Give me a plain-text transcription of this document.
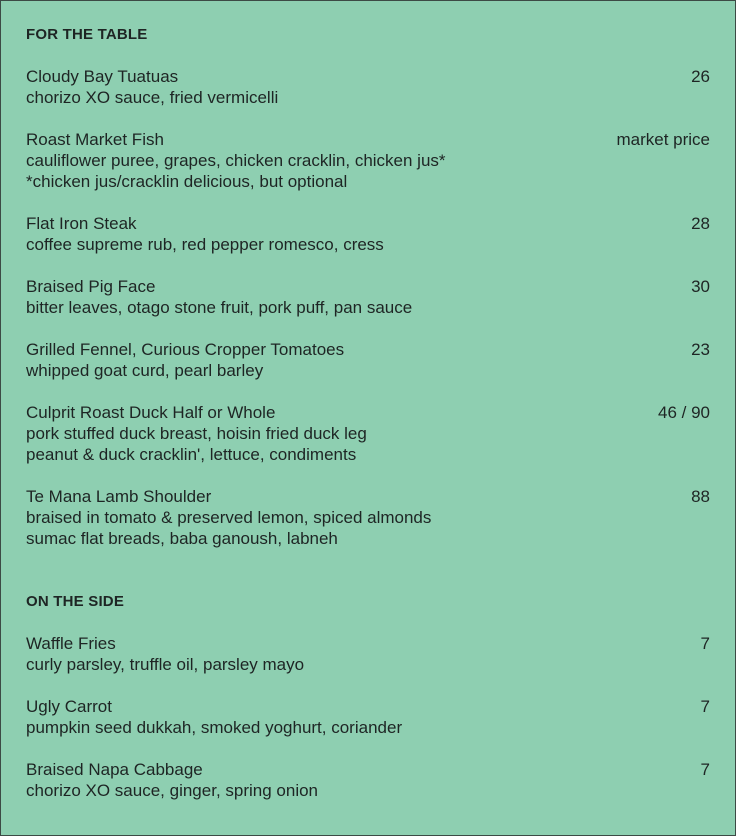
FOR THE TABLE
Cloudy Bay Tuatuas	26
chorizo XO sauce, fried vermicelli
Roast Market Fish	market price
cauliflower puree, grapes, chicken cracklin, chicken jus*
*chicken jus/cracklin delicious, but optional
Flat Iron Steak	28
coffee supreme rub, red pepper romesco, cress
Braised Pig Face	30
bitter leaves, otago stone fruit, pork puff, pan sauce
Grilled Fennel, Curious Cropper Tomatoes	23
whipped goat curd, pearl barley
Culprit Roast Duck Half or Whole	46 / 90
pork stuffed duck breast, hoisin fried duck leg
peanut & duck cracklin', lettuce, condiments
Te Mana Lamb Shoulder	88
braised in tomato & preserved lemon, spiced almonds
sumac flat breads, baba ganoush, labneh
ON THE SIDE
Waffle Fries	7
curly parsley, truffle oil, parsley mayo
Ugly Carrot	7
pumpkin seed dukkah, smoked yoghurt, coriander
Braised Napa Cabbage	7
chorizo XO sauce, ginger, spring onion
